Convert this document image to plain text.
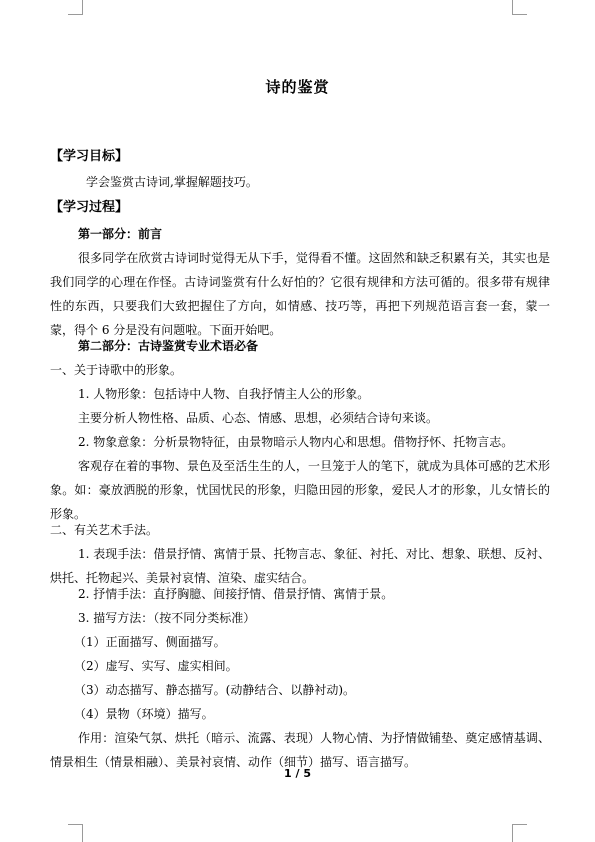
诗的鉴赏
【学习目标】
学会鉴赏古诗词,掌握解题技巧。
【学习过程】
第一部分：前言
很多同学在欣赏古诗词时觉得无从下手，觉得看不懂。这固然和缺乏积累有关，其实也是我们同学的心理在作怪。古诗词鉴赏有什么好怕的？它很有规律和方法可循的。很多带有规律性的东西，只要我们大致把握住了方向，如情感、技巧等，再把下列规范语言套一套，蒙一蒙，得个 6 分是没有问题啦。下面开始吧。
第二部分：古诗鉴赏专业术语必备
一、关于诗歌中的形象。
1. 人物形象：包括诗中人物、自我抒情主人公的形象。
主要分析人物性格、品质、心态、情感、思想，必须结合诗句来谈。
2. 物象意象：分析景物特征，由景物暗示人物内心和思想。借物抒怀、托物言志。
客观存在着的事物、景色及至活生生的人，一旦笼于人的笔下，就成为具体可感的艺术形象。如：豪放洒脱的形象，忧国忧民的形象，归隐田园的形象，爱民人才的形象，儿女情长的形象。
二、有关艺术手法。
1. 表现手法：借景抒情、寓情于景、托物言志、象征、衬托、对比、想象、联想、反衬、烘托、托物起兴、美景衬哀情、渲染、虚实结合。
2. 抒情手法：直抒胸臆、间接抒情、借景抒情、寓情于景。
3. 描写方法：（按不同分类标准）
（1）正面描写、侧面描写。
（2）虚写、实写、虚实相间。
（3）动态描写、静态描写。(动静结合、以静衬动)。
（4）景物（环境）描写。
作用：渲染气氛、烘托（暗示、流露、表现）人物心情、为抒情做铺垫、奠定感情基调、情景相生（情景相融）、美景衬哀情、动作（细节）描写、语言描写。
1 / 5
